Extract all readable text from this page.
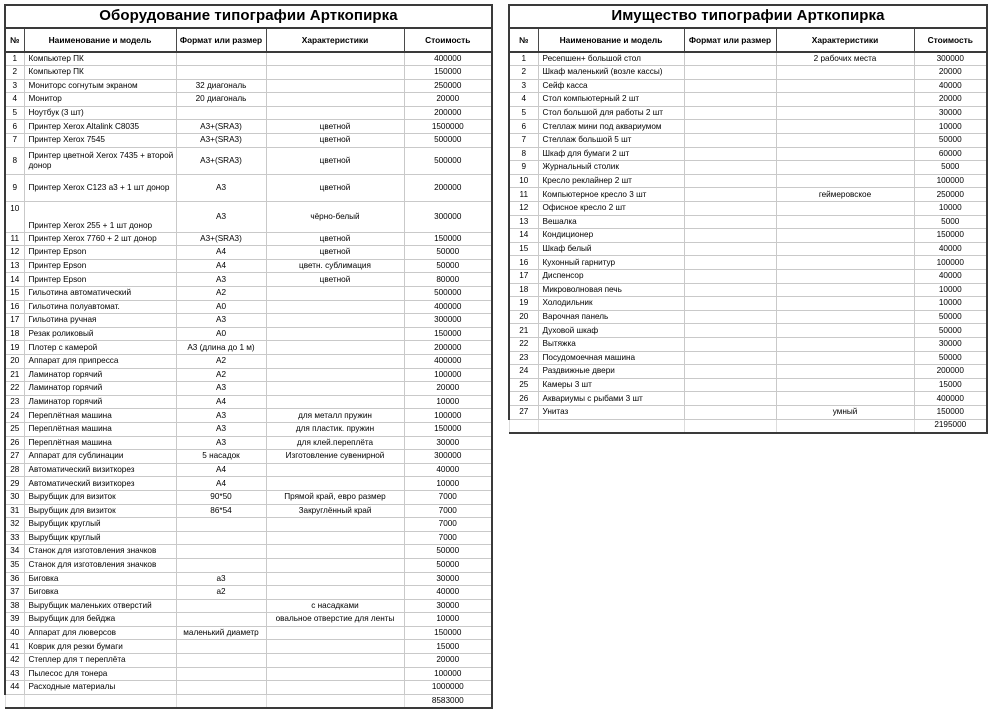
Оборудование типографии Арткопирка				
№	Наименование и модель	Формат или размер	Характеристики	Стоимость
1	Компьютер ПК			400000
2	Компьютер ПК			150000
3	Мониторс согнутым экраном	32 диагональ		250000
4	Монитор	20 диагональ		20000
5	Ноутбук (3 шт)			200000
6	Принтер Xerox Altalink C8035	А3+(SRA3)	цветной	1500000
7	Принтер Xerox 7545	А3+(SRA3)	цветной	500000
8	Принтер цветной Xerox 7435 + второй донор	А3+(SRA3)	цветной	500000
9	Принтер Xerox C123 а3 + 1 шт донор	А3	цветной	200000
10	Принтер Xerox 255 + 1 шт донор	А3	чёрно-белый	300000
11	Принтер Xerox 7760 + 2 шт донор	А3+(SRA3)	цветной	150000
12	Принтер Epson	А4	цветной	50000
13	Принтер Epson	А4	цветн. сублимация	50000
14	Принтер Epson	А3	цветной	80000
15	Гильотина автоматический	А2		500000
16	Гильотина полуавтомат.	А0		400000
17	Гильотина ручная	А3		300000
18	Резак роликовый	А0		150000
19	Плотер с камерой	А3 (длина до 1 м)		200000
20	Аппарат для припресса	А2		400000
21	Ламинатор горячий	А2		100000
22	Ламинатор горячий	А3		20000
23	Ламинатор горячий	А4		10000
24	Переплётная машина	А3	для металл пружин	100000
25	Переплётная машина	А3	для пластик. пружин	150000
26	Переплётная машина	А3	для клей.переплёта	30000
27	Аппарат для сублинации	5 насадок	Изготовление сувенирной	300000
28	Автоматический визиткорез	А4		40000
29	Автоматический визиткорез	А4		10000
30	Вырубщик для визиток	90*50	Прямой край, евро размер	7000
31	Вырубщик для визиток	86*54	Закруглённый край	7000
32	Вырубщик круглый			7000
33	Вырубщик круглый			7000
34	Станок для изготовления значков			50000
35	Станок для изготовления значков			50000
36	Биговка	а3		30000
37	Биговка	а2		40000
38	Вырубщик маленьких отверстий		с насадками	30000
39	Вырубщик для бейджа		овальное отверстие для ленты	10000
40	Аппарат для люверсов	маленький диаметр		150000
41	Коврик для резки бумаги			15000
42	Степлер для т переплёта			20000
43	Пылесос для тонера			100000
44	Расходные материалы			1000000
				8583000
Имущество типографии Арткопирка				
№	Наименование и модель	Формат или размер	Характеристики	Стоимость
1	Ресепшен+ большой стол		2 рабочих места	300000
2	Шкаф маленький (возле кассы)			20000
3	Сейф касса			40000
4	Стол компьютерный 2 шт			20000
5	Стол большой для работы 2 шт			30000
6	Стеллаж мини под аквариумом			10000
7	Стеллаж большой 5 шт			50000
8	Шкаф для бумаги 2 шт			60000
9	Журнальный столик			5000
10	Кресло реклайнер 2 шт			100000
11	Компьютерное кресло 3 шт		геймеровское	250000
12	Офисное кресло 2 шт			10000
13	Вешалка			5000
14	Кондиционер			150000
15	Шкаф белый			40000
16	Кухонный гарнитур			100000
17	Диспенсор			40000
18	Микроволновая печь			10000
19	Холодильник			10000
20	Варочная панель			50000
21	Духовой шкаф			50000
22	Вытяжка			30000
23	Посудомоечная машина			50000
24	Раздвижные двери			200000
25	Камеры 3 шт			15000
26	Аквариумы с рыбами 3 шт			400000
27	Унитаз		умный	150000
				2195000
